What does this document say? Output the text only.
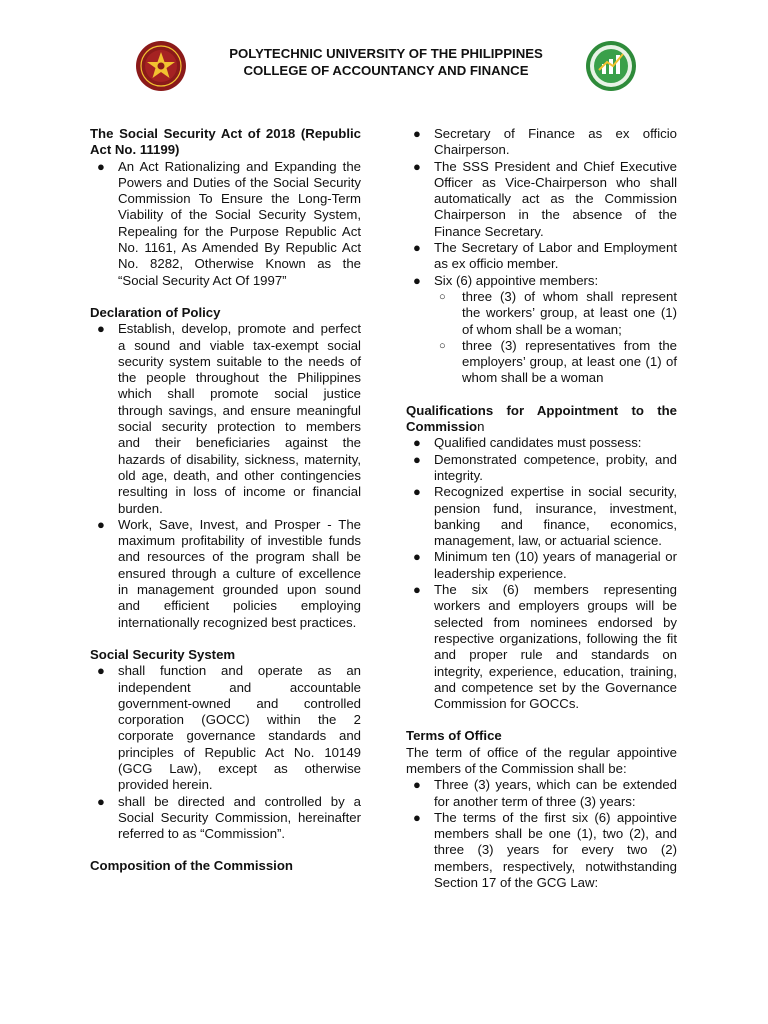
POLYTECHNIC UNIVERSITY OF THE PHILIPPINES
COLLEGE OF ACCOUNTANCY AND FINANCE

The Social Security Act of 2018 (Republic Act No. 11199)

● An Act Rationalizing and Expanding the Powers and Duties of the Social Security Commission To Ensure the Long-Term Viability of the Social Security System, Repealing for the Purpose Republic Act No. 1161, As Amended By Republic Act No. 8282, Otherwise Known as the “Social Security Act Of 1997”

Declaration of Policy

● Establish, develop, promote and perfect a sound and viable tax-exempt social security system suitable to the needs of the people throughout the Philippines which shall promote social justice through savings, and ensure meaningful social security protection to members and their beneficiaries against the hazards of disability, sickness, maternity, old age, death, and other contingencies resulting in loss of income or financial burden.
● Work, Save, Invest, and Prosper - The maximum profitability of investible funds and resources of the program shall be ensured through a culture of excellence in management grounded upon sound and efficient policies employing internationally recognized best practices.

Social Security System

● shall function and operate as an independent and accountable government-owned and controlled corporation (GOCC) within the 2 corporate governance standards and principles of Republic Act No. 10149 (GCG Law), except as otherwise provided herein.
● shall be directed and controlled by a Social Security Commission, hereinafter referred to as “Commission”.

Composition of the Commission

● Secretary of Finance as ex officio Chairperson.
● The SSS President and Chief Executive Officer as Vice-Chairperson who shall automatically act as the Commission Chairperson in the absence of the Finance Secretary.
● The Secretary of Labor and Employment as ex officio member.
● Six (6) appointive members:
○ three (3) of whom shall represent the workers’ group, at least one (1) of whom shall be a woman;
○ three (3) representatives from the employers’ group, at least one (1) of whom shall be a woman

Qualifications for Appointment to the Commission

● Qualified candidates must possess:
● Demonstrated competence, probity, and integrity.
● Recognized expertise in social security, pension fund, insurance, investment, banking and finance, economics, management, law, or actuarial science.
● Minimum ten (10) years of managerial or leadership experience.
● The six (6) members representing workers and employers groups will be selected from nominees endorsed by respective organizations, following the fit and proper rule and standards on integrity, experience, education, training, and competence set by the Governance Commission for GOCCs.

Terms of Office

The term of office of the regular appointive members of the Commission shall be:

● Three (3) years, which can be extended for another term of three (3) years:
● The terms of the first six (6) appointive members shall be one (1), two (2), and three (3) years for every two (2) members, respectively, notwithstanding Section 17 of the GCG Law:
